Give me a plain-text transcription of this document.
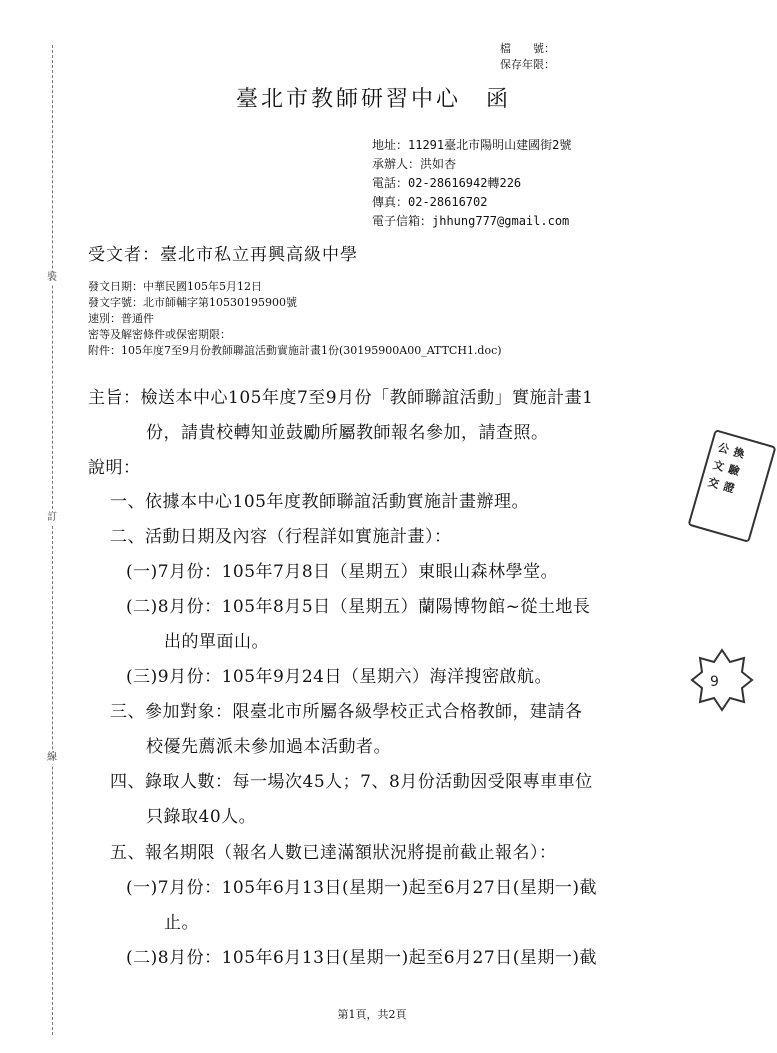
裝
訂
線
檔　　號：
保存年限：
臺北市教師研習中心　函
地址：11291臺北市陽明山建國街2號
承辦人：洪如杏
電話：02-28616942轉226
傳真：02-28616702
電子信箱：jhhung777@gmail.com
受文者：臺北市私立再興高級中學
發文日期：中華民國105年5月12日
發文字號：北市師輔字第10530195900號
速別：普通件
密等及解密條件或保密期限：
附件：105年度7至9月份教師聯誼活動實施計畫1份(30195900A00_ATTCH1.doc)
主旨：檢送本中心105年度7至9月份「教師聯誼活動」實施計畫1
份，請貴校轉知並鼓勵所屬教師報名參加，請查照。
說明：
一、依據本中心105年度教師聯誼活動實施計畫辦理。
二、活動日期及內容（行程詳如實施計畫）：
(一)7月份：105年7月8日（星期五）東眼山森林學堂。
(二)8月份：105年8月5日（星期五）蘭陽博物館~從土地長
出的單面山。
(三)9月份：105年9月24日（星期六）海洋搜密啟航。
三、參加對象：限臺北市所屬各級學校正式合格教師，建請各
校優先薦派未參加過本活動者。
四、錄取人數：每一場次45人；7、8月份活動因受限專車車位
只錄取40人。
五、報名期限（報名人數已達滿額狀況將提前截止報名）：
(一)7月份：105年6月13日(星期一)起至6月27日(星期一)截
止。
(二)8月份：105年6月13日(星期一)起至6月27日(星期一)截
公
文
交
換
驗
證
9
第1頁，共2頁
